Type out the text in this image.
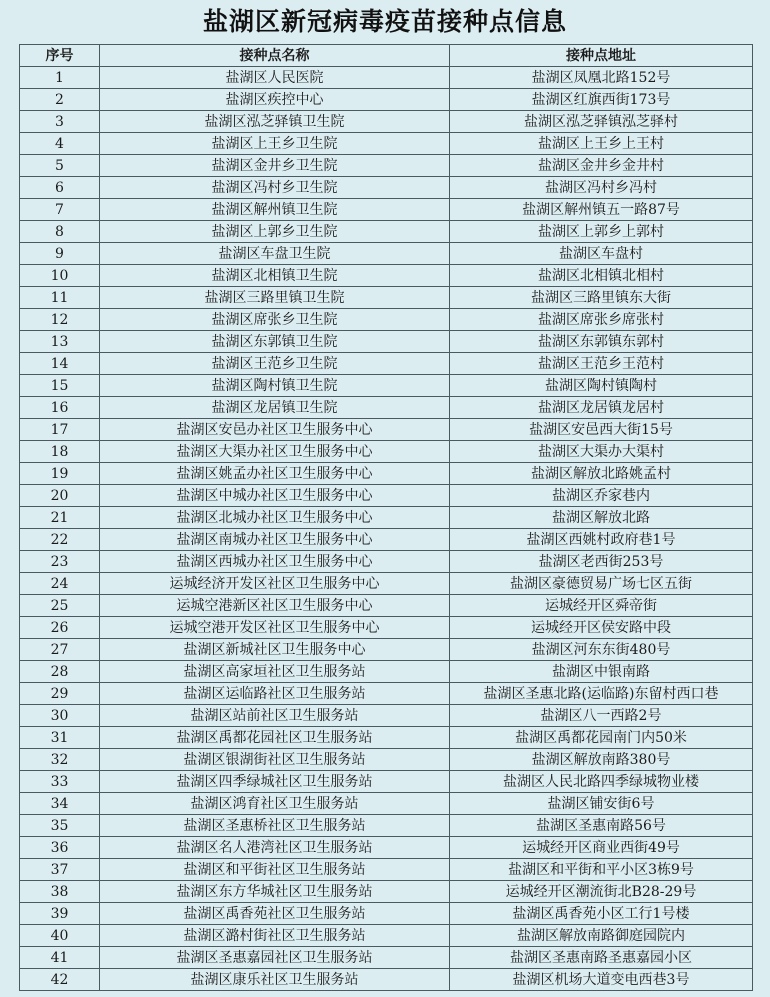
盐湖区新冠病毒疫苗接种点信息
序号	接种点名称	接种点地址
1	盐湖区人民医院	盐湖区凤凰北路152号
2	盐湖区疾控中心	盐湖区红旗西街173号
3	盐湖区泓芝驿镇卫生院	盐湖区泓芝驿镇泓芝驿村
4	盐湖区上王乡卫生院	盐湖区上王乡上王村
5	盐湖区金井乡卫生院	盐湖区金井乡金井村
6	盐湖区冯村乡卫生院	盐湖区冯村乡冯村
7	盐湖区解州镇卫生院	盐湖区解州镇五一路87号
8	盐湖区上郭乡卫生院	盐湖区上郭乡上郭村
9	盐湖区车盘卫生院	盐湖区车盘村
10	盐湖区北相镇卫生院	盐湖区北相镇北相村
11	盐湖区三路里镇卫生院	盐湖区三路里镇东大街
12	盐湖区席张乡卫生院	盐湖区席张乡席张村
13	盐湖区东郭镇卫生院	盐湖区东郭镇东郭村
14	盐湖区王范乡卫生院	盐湖区王范乡王范村
15	盐湖区陶村镇卫生院	盐湖区陶村镇陶村
16	盐湖区龙居镇卫生院	盐湖区龙居镇龙居村
17	盐湖区安邑办社区卫生服务中心	盐湖区安邑西大街15号
18	盐湖区大渠办社区卫生服务中心	盐湖区大渠办大渠村
19	盐湖区姚孟办社区卫生服务中心	盐湖区解放北路姚孟村
20	盐湖区中城办社区卫生服务中心	盐湖区乔家巷内
21	盐湖区北城办社区卫生服务中心	盐湖区解放北路
22	盐湖区南城办社区卫生服务中心	盐湖区西姚村政府巷1号
23	盐湖区西城办社区卫生服务中心	盐湖区老西街253号
24	运城经济开发区社区卫生服务中心	盐湖区豪德贸易广场七区五街
25	运城空港新区社区卫生服务中心	运城经开区舜帝街
26	运城空港开发区社区卫生服务中心	运城经开区侯安路中段
27	盐湖区新城社区卫生服务中心	盐湖区河东东街480号
28	盐湖区高家垣社区卫生服务站	盐湖区中银南路
29	盐湖区运临路社区卫生服务站	盐湖区圣惠北路(运临路)东留村西口巷
30	盐湖区站前社区卫生服务站	盐湖区八一西路2号
31	盐湖区禹都花园社区卫生服务站	盐湖区禹都花园南门内50米
32	盐湖区银湖街社区卫生服务站	盐湖区解放南路380号
33	盐湖区四季绿城社区卫生服务站	盐湖区人民北路四季绿城物业楼
34	盐湖区鸿育社区卫生服务站	盐湖区铺安街6号
35	盐湖区圣惠桥社区卫生服务站	盐湖区圣惠南路56号
36	盐湖区名人港湾社区卫生服务站	运城经开区商业西街49号
37	盐湖区和平街社区卫生服务站	盐湖区和平街和平小区3栋9号
38	盐湖区东方华城社区卫生服务站	运城经开区潮流街北B28-29号
39	盐湖区禹香苑社区卫生服务站	盐湖区禹香苑小区工行1号楼
40	盐湖区潞村街社区卫生服务站	盐湖区解放南路御庭园院内
41	盐湖区圣惠嘉园社区卫生服务站	盐湖区圣惠南路圣惠嘉园小区
42	盐湖区康乐社区卫生服务站	盐湖区机场大道变电西巷3号
